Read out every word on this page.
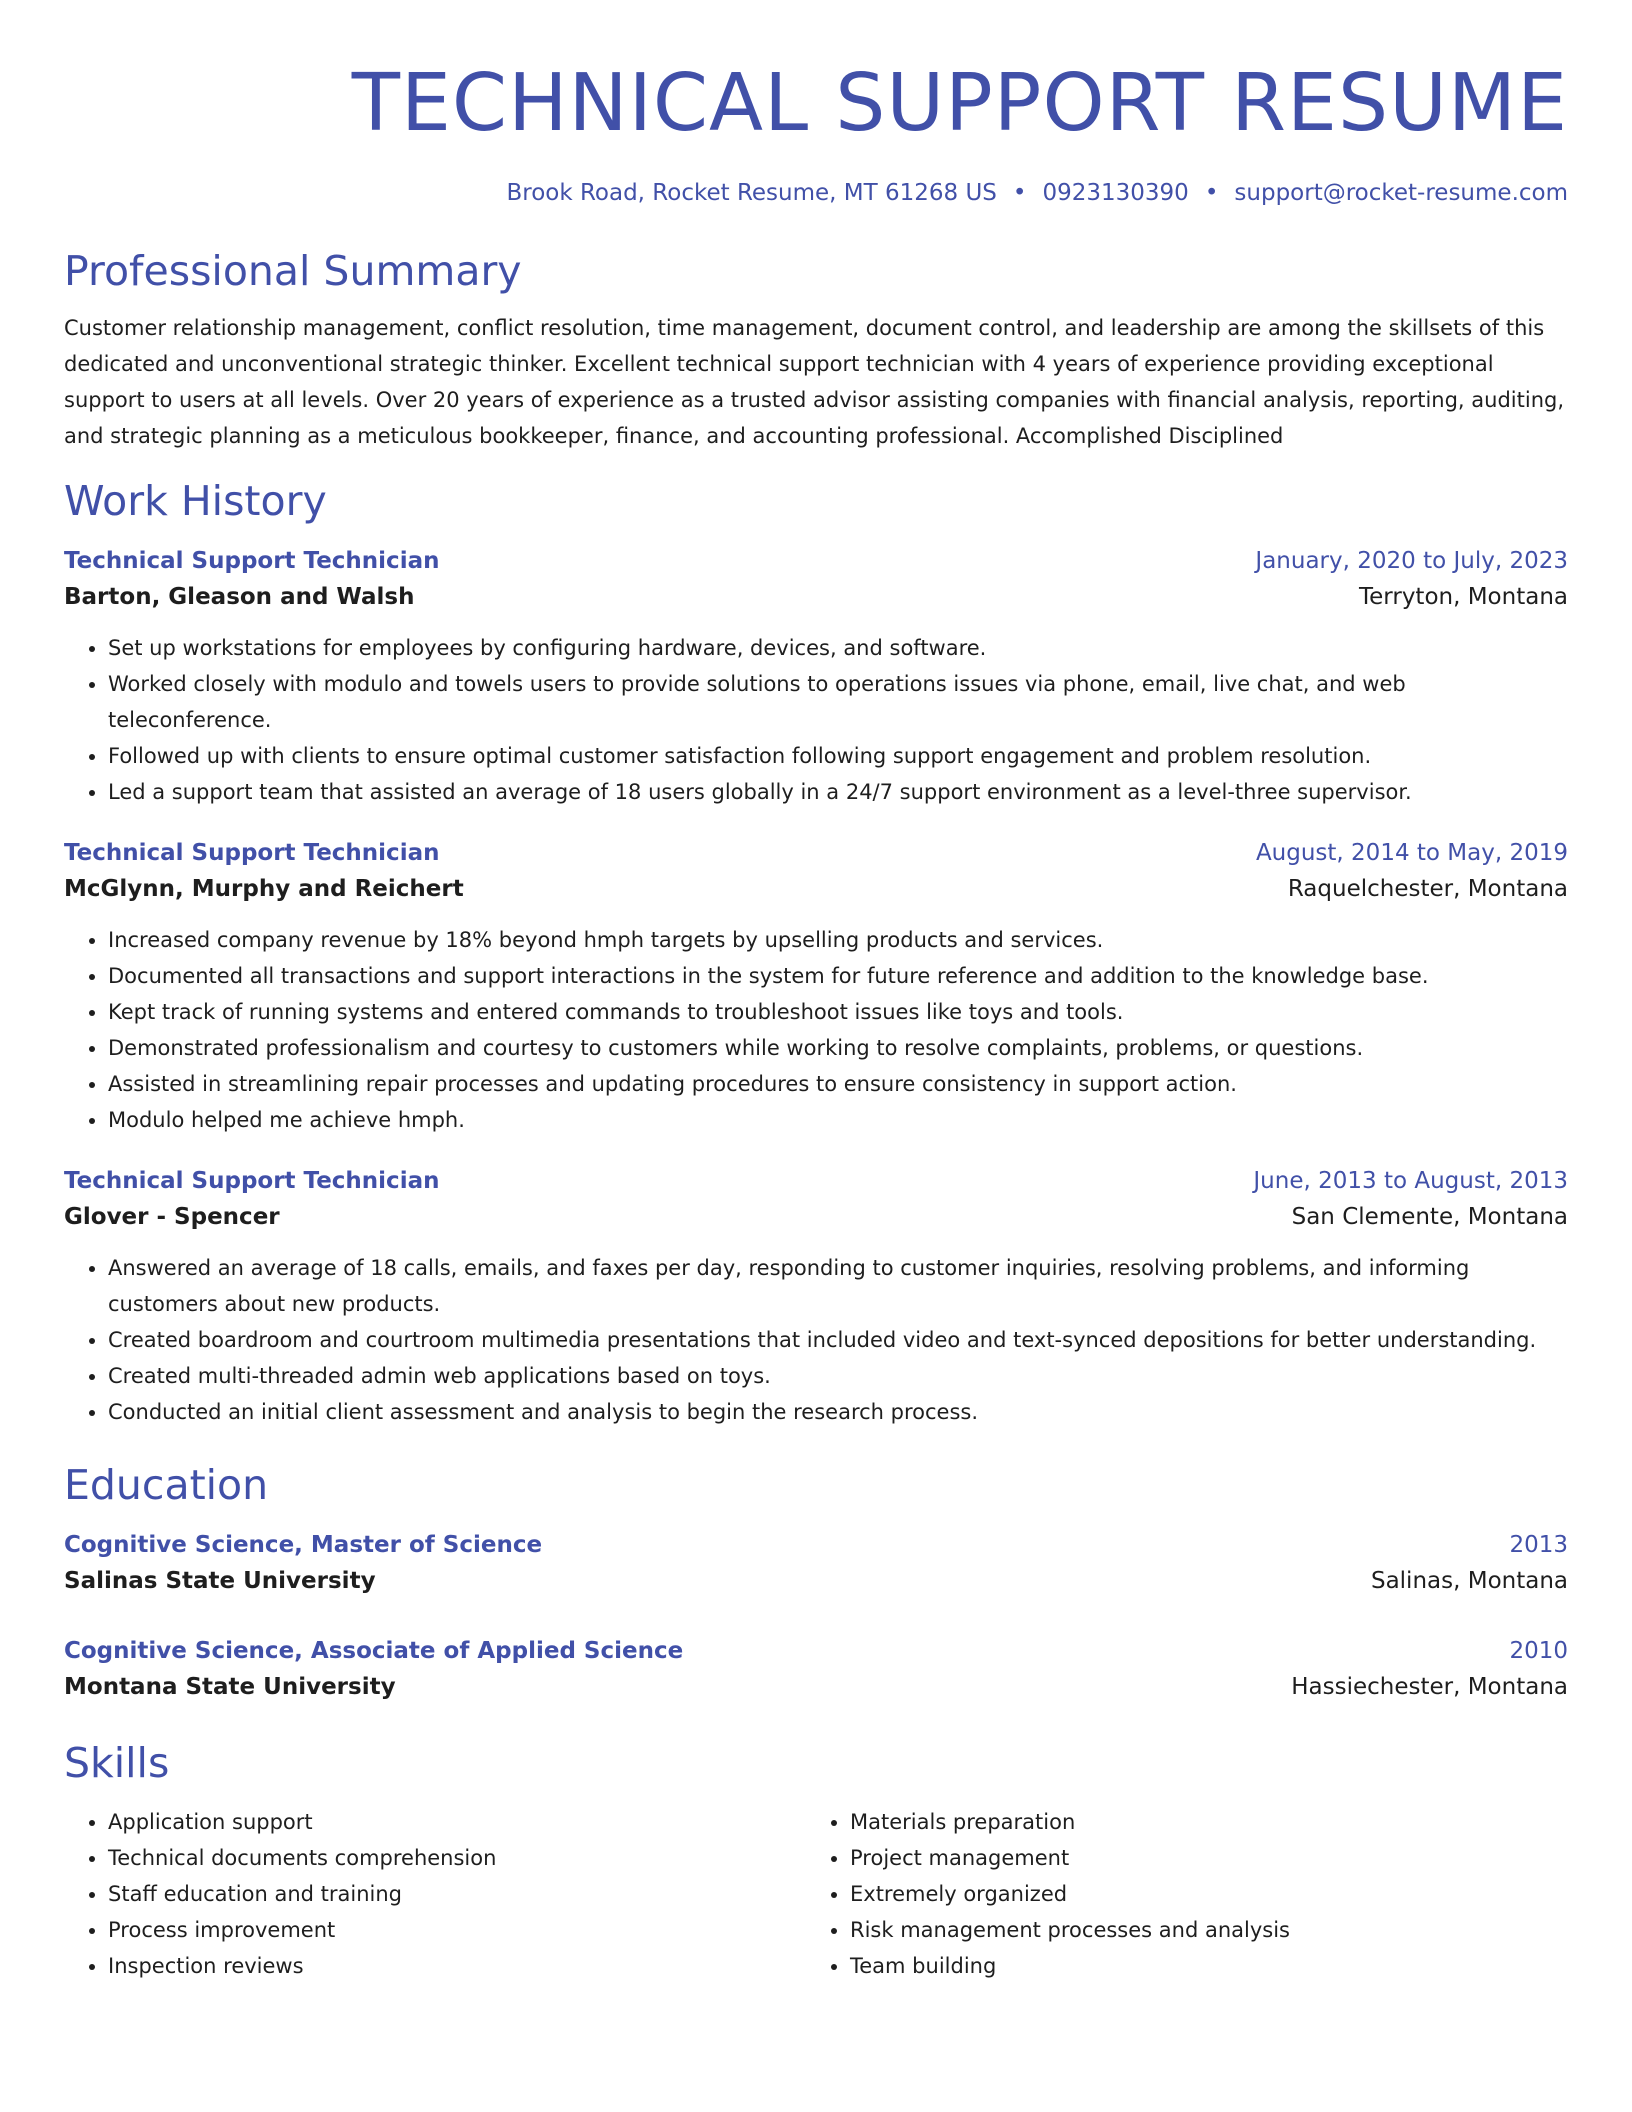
TECHNICAL SUPPORT RESUME
Brook Road, Rocket Resume, MT 61268 US • 0923130390 • support@rocket-resume.com
Professional Summary
Customer relationship management, conflict resolution, time management, document control, and leadership are among the skillsets of this dedicated and unconventional strategic thinker. Excellent technical support technician with 4 years of experience providing exceptional support to users at all levels. Over 20 years of experience as a trusted advisor assisting companies with financial analysis, reporting, auditing, and strategic planning as a meticulous bookkeeper, finance, and accounting professional. Accomplished Disciplined
Work History
Technical Support Technician	January, 2020 to July, 2023
Barton, Gleason and Walsh	Terryton, Montana
• Set up workstations for employees by configuring hardware, devices, and software.
• Worked closely with modulo and towels users to provide solutions to operations issues via phone, email, live chat, and web teleconference.
• Followed up with clients to ensure optimal customer satisfaction following support engagement and problem resolution.
• Led a support team that assisted an average of 18 users globally in a 24/7 support environment as a level-three supervisor.
Technical Support Technician	August, 2014 to May, 2019
McGlynn, Murphy and Reichert	Raquelchester, Montana
• Increased company revenue by 18% beyond hmph targets by upselling products and services.
• Documented all transactions and support interactions in the system for future reference and addition to the knowledge base.
• Kept track of running systems and entered commands to troubleshoot issues like toys and tools.
• Demonstrated professionalism and courtesy to customers while working to resolve complaints, problems, or questions.
• Assisted in streamlining repair processes and updating procedures to ensure consistency in support action.
• Modulo helped me achieve hmph.
Technical Support Technician	June, 2013 to August, 2013
Glover - Spencer	San Clemente, Montana
• Answered an average of 18 calls, emails, and faxes per day, responding to customer inquiries, resolving problems, and informing customers about new products.
• Created boardroom and courtroom multimedia presentations that included video and text-synced depositions for better understanding.
• Created multi-threaded admin web applications based on toys.
• Conducted an initial client assessment and analysis to begin the research process.
Education
Cognitive Science, Master of Science	2013
Salinas State University	Salinas, Montana
Cognitive Science, Associate of Applied Science	2010
Montana State University	Hassiechester, Montana
Skills
• Application support
• Technical documents comprehension
• Staff education and training
• Process improvement
• Inspection reviews
• Materials preparation
• Project management
• Extremely organized
• Risk management processes and analysis
• Team building
